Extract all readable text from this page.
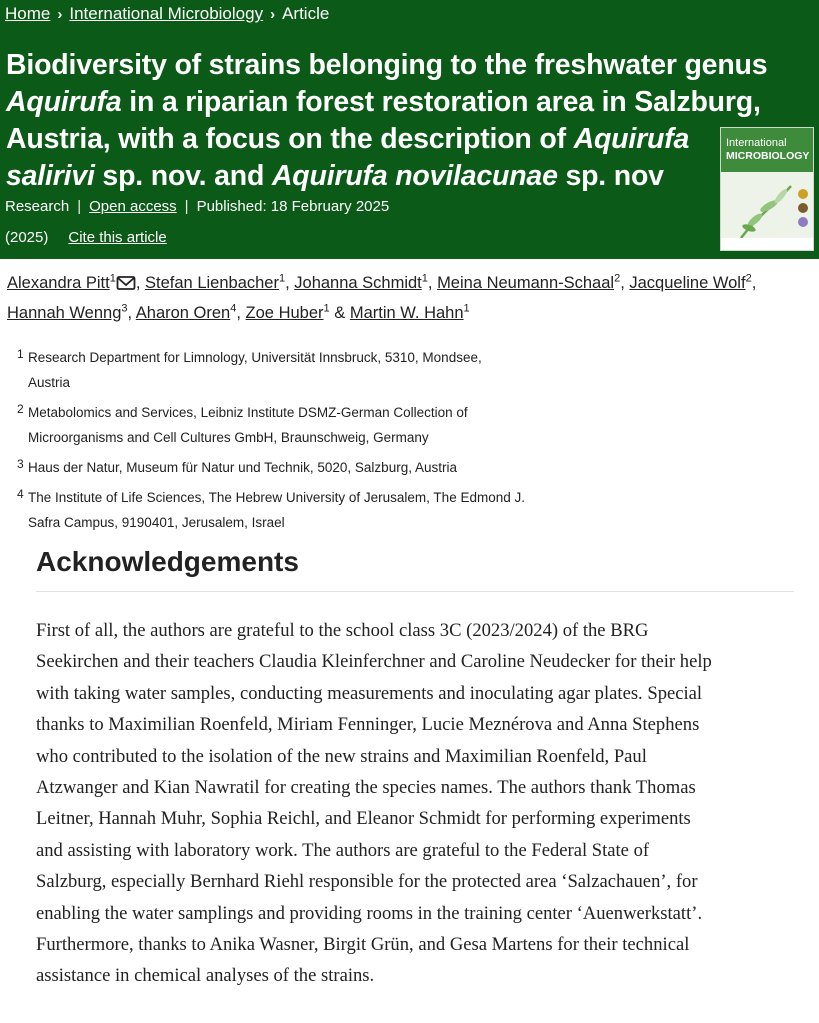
Home › International Microbiology › Article
Biodiversity of strains belonging to the freshwater genus
Aquirufa in a riparian forest restoration area in Salzburg,
Austria, with a focus on the description of Aquirufa
salirivi sp. nov. and Aquirufa novilacunae sp. nov
Research | Open access | Published: 18 February 2025
(2025) Cite this article
International
MICROBIOLOGY
Alexandra Pitt$^1$ , Stefan Lienbacher$^1$, Johanna Schmidt$^1$, Meina Neumann-Schaal$^2$, Jacqueline Wolf$^2$, Hannah Wenng$^3$, Aharon Oren$^4$, Zoe Huber$^1$ & Martin W. Hahn$^1$
1 Research Department for Limnology, Universität Innsbruck, 5310, Mondsee,
Austria
2 Metabolomics and Services, Leibniz Institute DSMZ-German Collection of
Microorganisms and Cell Cultures GmbH, Braunschweig, Germany
3 Haus der Natur, Museum für Natur und Technik, 5020, Salzburg, Austria
4 The Institute of Life Sciences, The Hebrew University of Jerusalem, The Edmond J.
Safra Campus, 9190401, Jerusalem, Israel
Acknowledgements
First of all, the authors are grateful to the school class 3C (2023/2024) of the BRG
Seekirchen and their teachers Claudia Kleinferchner and Caroline Neudecker for their help
with taking water samples, conducting measurements and inoculating agar plates. Special
thanks to Maximilian Roenfeld, Miriam Fenninger, Lucie Meznérova and Anna Stephens
who contributed to the isolation of the new strains and Maximilian Roenfeld, Paul
Atzwanger and Kian Nawratil for creating the species names. The authors thank Thomas
Leitner, Hannah Muhr, Sophia Reichl, and Eleanor Schmidt for performing experiments
and assisting with laboratory work. The authors are grateful to the Federal State of
Salzburg, especially Bernhard Riehl responsible for the protected area ‘Salzachauen’, for
enabling the water samplings and providing rooms in the training center ‘Auenwerkstatt’.
Furthermore, thanks to Anika Wasner, Birgit Grün, and Gesa Martens for their technical
assistance in chemical analyses of the strains.
